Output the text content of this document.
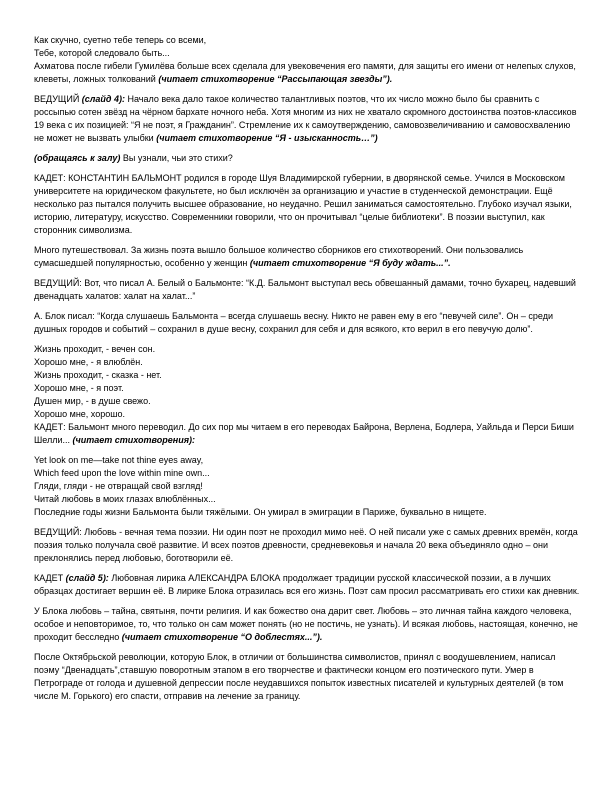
Как скучно, суетно тебе теперь со всеми,
Тебе, которой следовало быть...
Ахматова после гибели Гумилёва больше всех сделала для увековечения его памяти, для защиты его имени от нелепых слухов, клеветы, ложных толкований (читает стихотворение “Рассыпающая звезды”).

ВЕДУЩИЙ (слайд 4): Начало века дало такое количество талантливых поэтов, что их число можно было бы сравнить с россыпью сотен звёзд на чёрном бархате ночного неба. Хотя многим из них не хватало скромного достоинства поэтов-классиков 19 века с их позицией: “Я не поэт, я Гражданин”. Стремление их к самоутверждению, самовозвеличиванию и самовосхвалению не может не вызвать улыбки (читает стихотворение “Я - изысканность…”)

(обращаясь к залу) Вы узнали, чьи это стихи?

КАДЕТ: КОНСТАНТИН БАЛЬМОНТ родился в городе Шуя Владимирской губернии, в дворянской семье. Учился в Московском университете на юридическом факультете, но был исключён за организацию и участие в студенческой демонстрации. Ещё несколько раз пытался получить высшее образование, но неудачно. Решил заниматься самостоятельно. Глубоко изучал языки, историю, литературу, искусство. Современники говорили, что он прочитывал “целые библиотеки”. В поэзии выступил, как сторонник символизма.

Много путешествовал. За жизнь поэта вышло большое количество сборников его стихотворений. Они пользовались сумасшедшей популярностью, особенно у женщин (читает стихотворение “Я буду ждать...”.

ВЕДУЩИЙ: Вот, что писал А. Белый о Бальмонте: “К.Д. Бальмонт выступал весь обвешанный дамами, точно бухарец, надевший двенадцать халатов: халат на халат...”

А. Блок писал: “Когда слушаешь Бальмонта – всегда слушаешь весну. Никто не равен ему в его “певучей силе”. Он – среди душных городов и событий – сохранил в душе весну, сохранил для себя и для всякого, кто верил в его певучую долю”.

Жизнь проходит, - вечен сон.
Хорошо мне, - я влюблён.
Жизнь проходит, - сказка - нет.
Хорошо мне, - я поэт.
Душен мир, - в душе свежо.
Хорошо мне, хорошо.

КАДЕТ: Бальмонт много переводил. До сих пор мы читаем в его переводах Байрона, Верлена, Бодлера, Уайльда и Перси Биши Шелли... (читает стихотворения):

Yet look on me—take not thine eyes away,
Which feed upon the love within mine own...
Гляди, гляди - не отвращай свой взгляд!
Читай любовь в моих глазах влюблённых...
Последние годы жизни Бальмонта были тяжёлыми. Он умирал в эмиграции в Париже, буквально в нищете.

ВЕДУЩИЙ: Любовь - вечная тема поэзии. Ни один поэт не проходил мимо неё. О ней писали уже с самых древних времён, когда поэзия только получала своё развитие. И всех поэтов древности, средневековья и начала 20 века объединяло одно – они преклонялись перед любовью, боготворили её.

КАДЕТ (слайд 5): Любовная лирика АЛЕКСАНДРА БЛОКА продолжает традиции русской классической поэзии, а в лучших образцах достигает вершин её. В лирике Блока отразилась вся его жизнь. Поэт сам просил рассматривать его стихи как дневник.

У Блока любовь – тайна, святыня, почти религия. И как божество она дарит свет. Любовь – это личная тайна каждого человека, особое и неповторимое, то, что только он сам может понять (но не постичь, не узнать). И всякая любовь, настоящая, конечно, не проходит бесследно (читает стихотворение “О доблестях...”).

После Октябрьской революции, которую Блок, в отличии от большинства символистов, принял с воодушевлением, написал поэму “Двенадцать”,ставшую поворотным этапом в его творчестве и фактически концом его поэтического пути. Умер в Петрограде от голода и душевной депрессии после неудавшихся попыток известных писателей и культурных деятелей (в том числе М. Горького) его спасти, отправив на лечение за границу.
